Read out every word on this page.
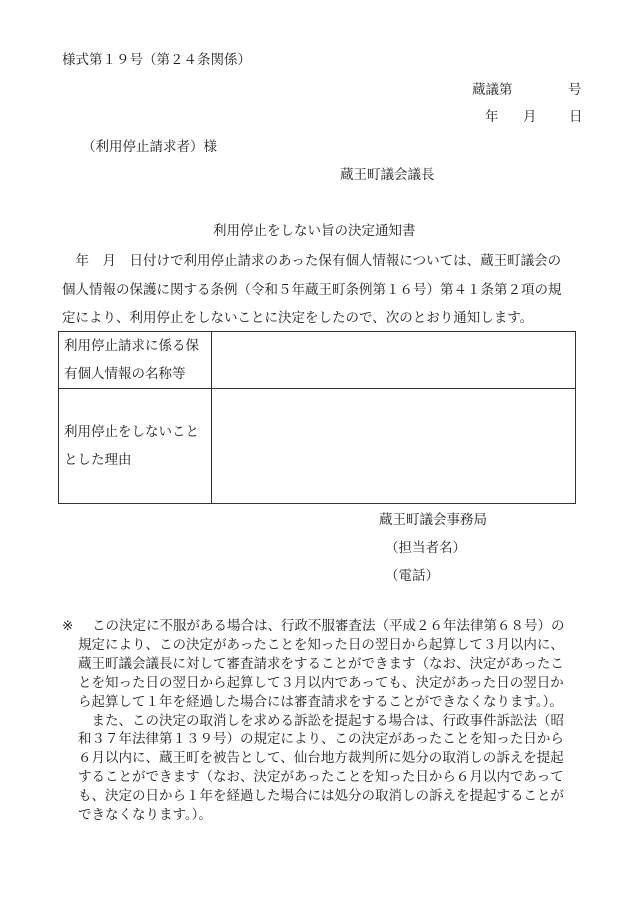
様式第１９号（第２４条関係）
蔵議第	号
年 月 日
（利用停止請求者）様
蔵王町議会議長
利用停止をしない旨の決定通知書

　年　月　日付けで利用停止請求のあった保有個人情報については、蔵王町議会の

個人情報の保護に関する条例（令和５年蔵王町条例第１６号）第４１条第２項の規

定により、利用停止をしないことに決定をしたので、次のとおり通知します。

利用停止請求に係る保
有個人情報の名称等	

利用停止をしないこと
とした理由	

蔵王町議会事務局
（担当者名）
（電話）
※	この決定に不服がある場合は、行政不服審査法（平成２６年法律第６８号）の

規定により、この決定があったことを知った日の翌日から起算して３月以内に、

蔵王町議会議長に対して審査請求をすることができます（なお、決定があったこ

とを知った日の翌日から起算して３月以内であっても、決定があった日の翌日か

ら起算して１年を経過した場合には審査請求をすることができなくなります。）。

　また、この決定の取消しを求める訴訟を提起する場合は、行政事件訴訟法（昭

和３７年法律第１３９号）の規定により、この決定があったことを知った日から

６月以内に、蔵王町を被告として、仙台地方裁判所に処分の取消しの訴えを提起

することができます（なお、決定があったことを知った日から６月以内であって

も、決定の日から１年を経過した場合には処分の取消しの訴えを提起することが

できなくなります。）。
